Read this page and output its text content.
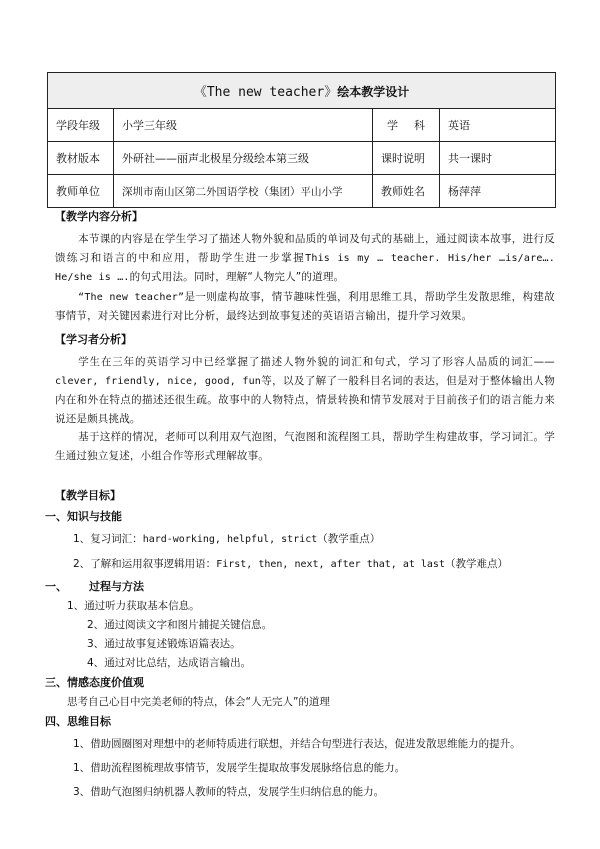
《The new teacher》绘本教学设计			
学段年级	小学三年级	学 科	英语
教材版本	外研社——丽声北极星分级绘本第三级	课时说明	共一课时
教师单位	深圳市南山区第二外国语学校（集团）平山小学	教师姓名	杨萍萍

【教学内容分析】

本节课的内容是在学生学习了描述人物外貌和品质的单词及句式的基础上，通过阅读本故事，进行反馈练习和语言的中和应用，帮助学生进一步掌握This is my … teacher. His/her …is/are…. He/she is ….的句式用法。同时，理解“人物完人”的道理。

“The new teacher”是一则虚构故事，情节趣味性强，利用思维工具，帮助学生发散思维，构建故事情节，对关键因素进行对比分析，最终达到故事复述的英语语言输出，提升学习效果。

【学习者分析】

学生在三年的英语学习中已经掌握了描述人物外貌的词汇和句式，学习了形容人品质的词汇——clever, friendly, nice, good, fun等，以及了解了一般科目名词的表达，但是对于整体输出人物内在和外在特点的描述还很生疏。故事中的人物特点，情景转换和情节发展对于目前孩子们的语言能力来说还是颇具挑战。

基于这样的情况，老师可以利用双气泡图，气泡图和流程图工具，帮助学生构建故事，学习词汇。学生通过独立复述，小组合作等形式理解故事。

【教学目标】

一、 知识与技能

1、复习词汇：hard-working, helpful, strict（教学重点）

2、了解和运用叙事逻辑用语：First, then, next, after that, at last（教学难点）

一、	过程与方法

1、通过听力获取基本信息。

2、通过阅读文字和图片捕捉关键信息。

3、通过故事复述锻炼语篇表达。

4、通过对比总结，达成语言输出。

三、 情感态度价值观

思考自己心目中完美老师的特点，体会“人无完人”的道理

四、 思维目标

1、借助圆圈图对理想中的老师特质进行联想，并结合句型进行表达，促进发散思维能力的提升。

1、借助流程图梳理故事情节，发展学生提取故事发展脉络信息的能力。

3、借助气泡图归纳机器人教师的特点，发展学生归纳信息的能力。
